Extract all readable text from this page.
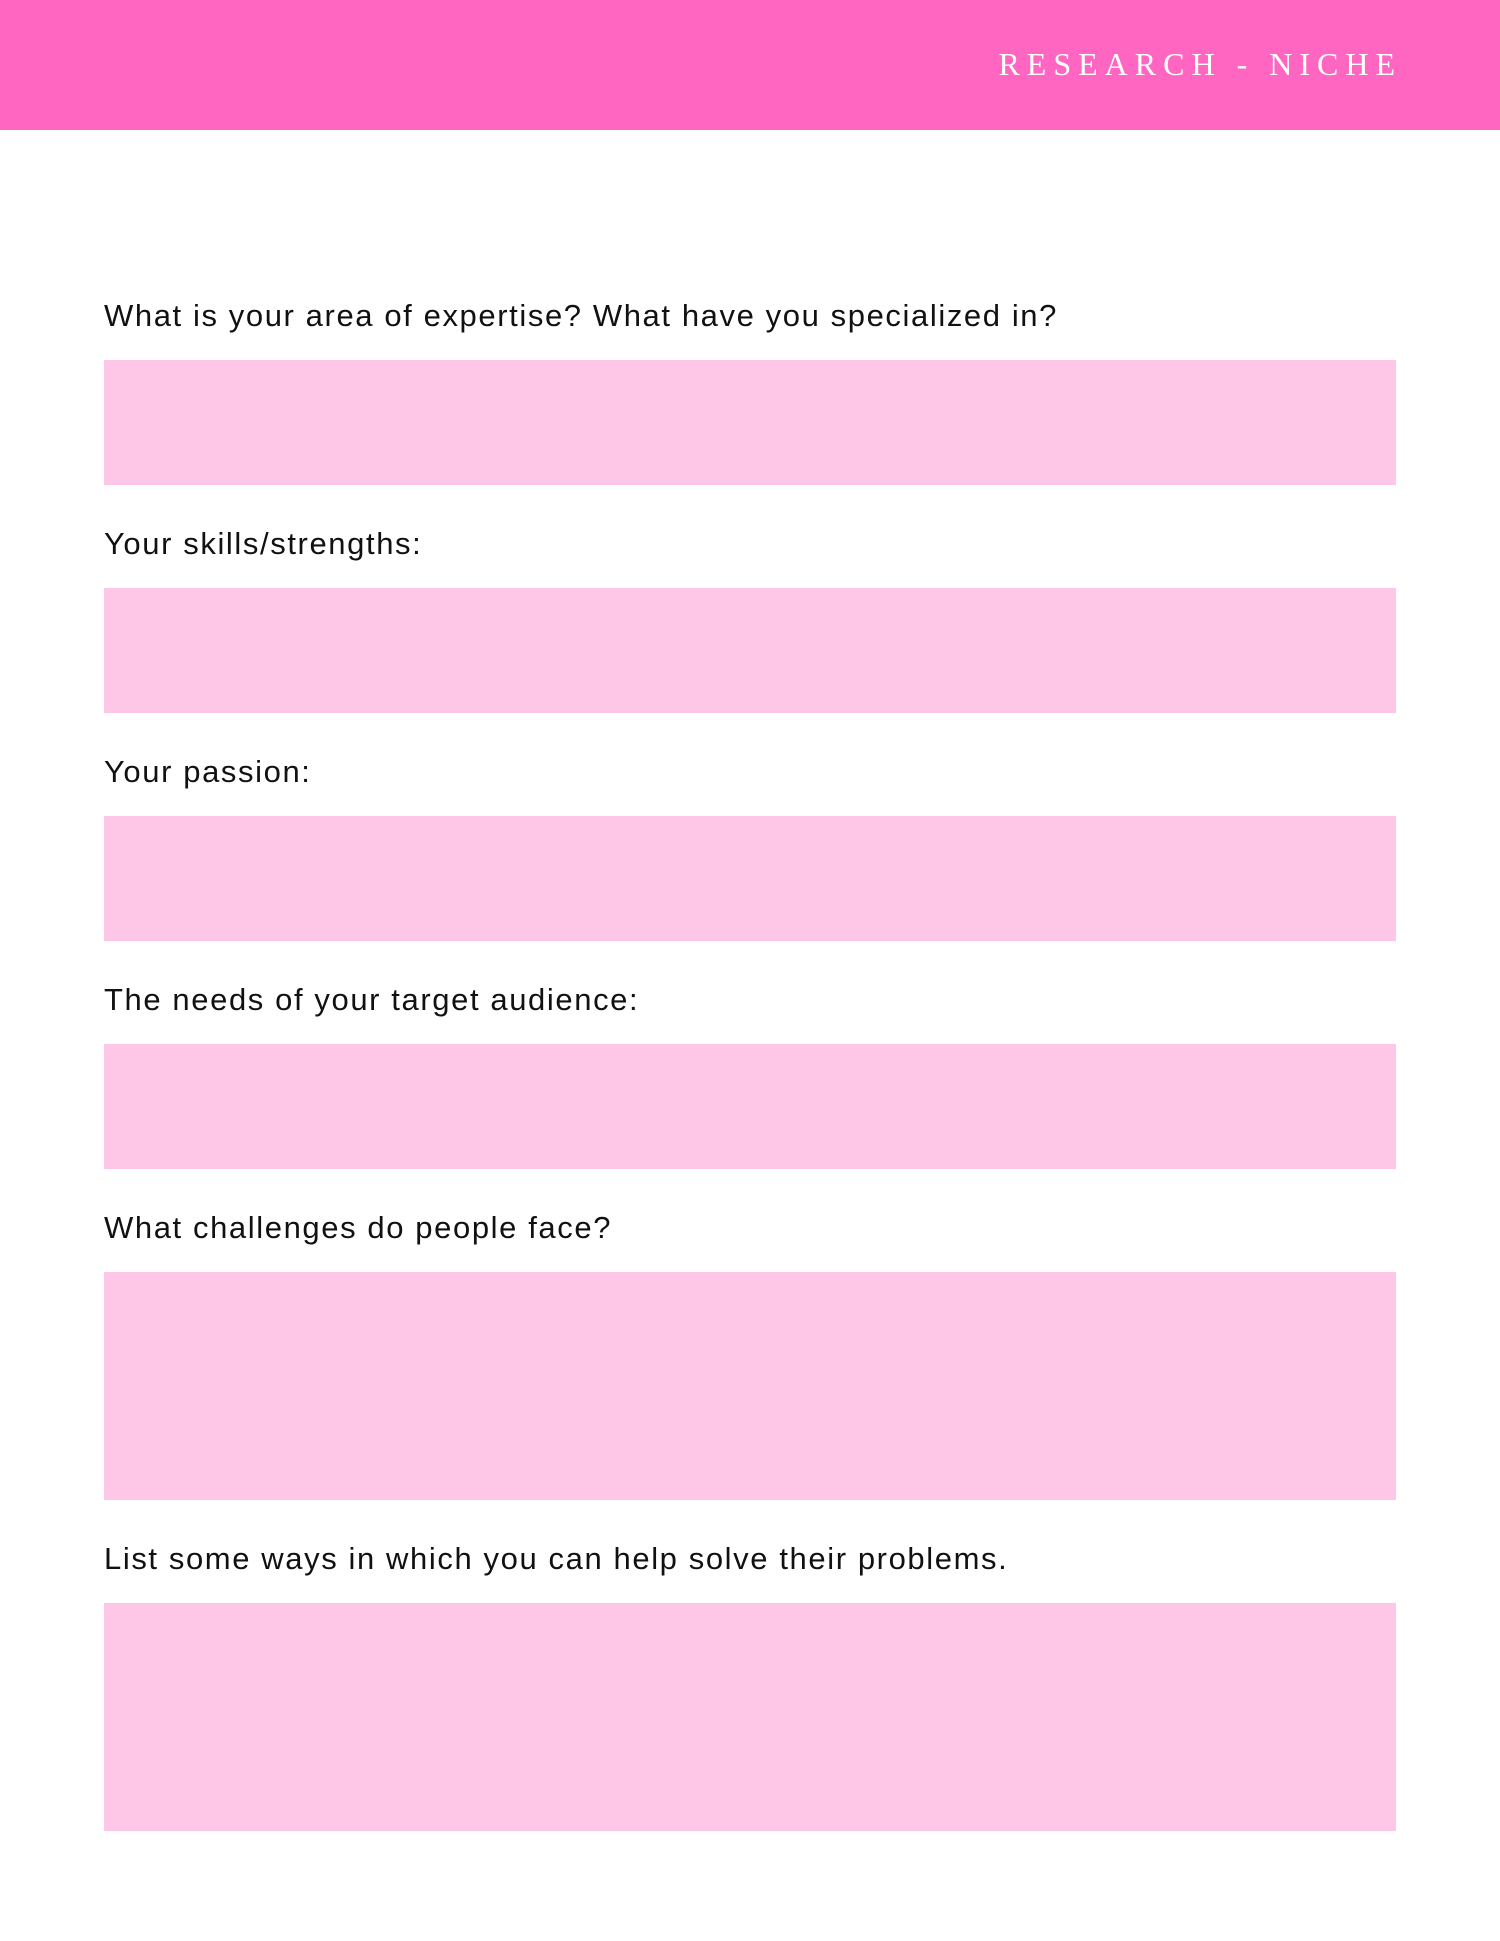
RESEARCH - NICHE
What is your area of expertise? What have you specialized in?
Your skills/strengths:
Your passion:
The needs of your target audience:
What challenges do people face?
List some ways in which you can help solve their problems.
